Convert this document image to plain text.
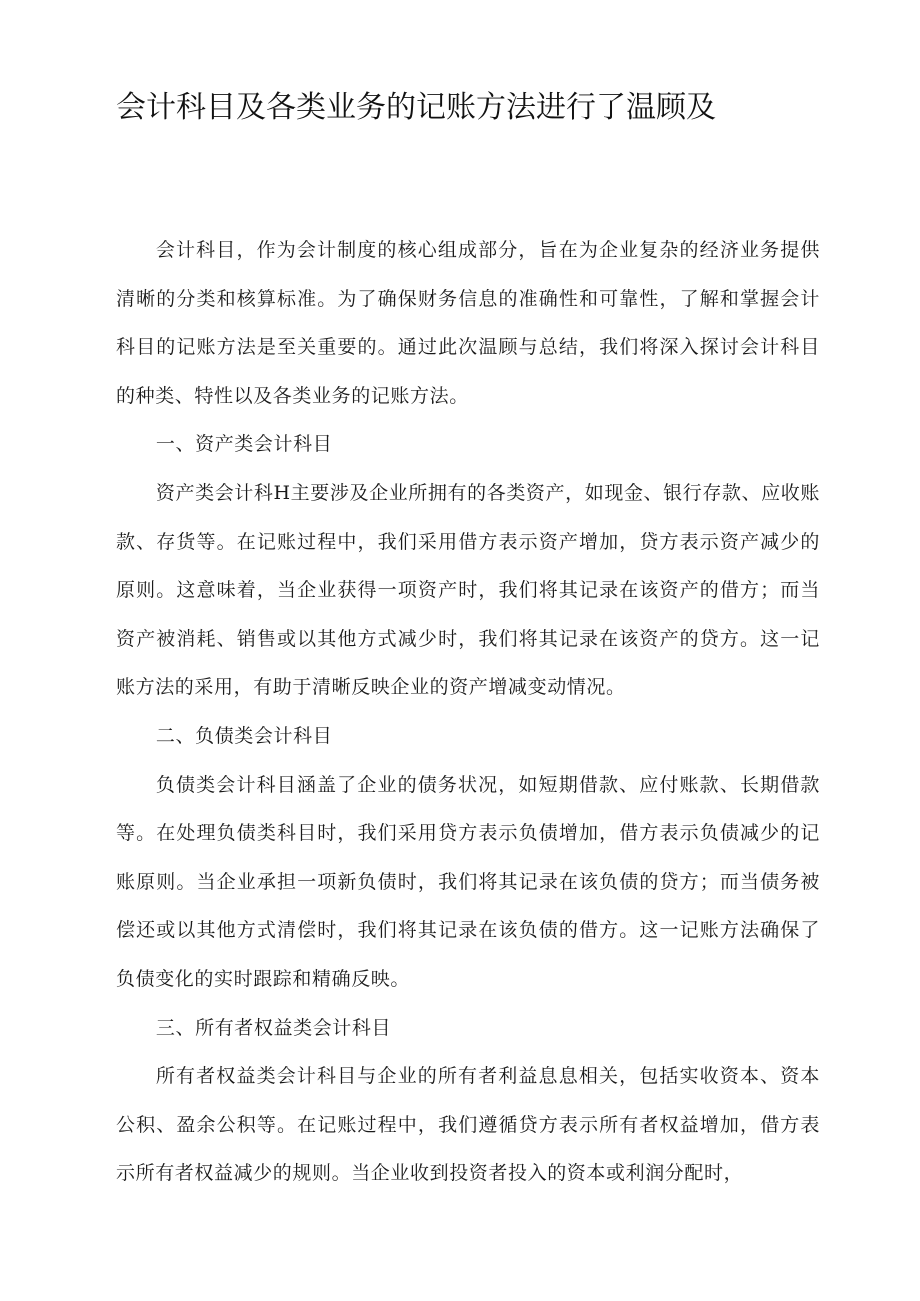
会计科目及各类业务的记账方法进行了温顾及

会计科目，作为会计制度的核心组成部分，旨在为企业复杂的经济业务提供清晰的分类和核算标准。为了确保财务信息的准确性和可靠性，了解和掌握会计科目的记账方法是至关重要的。通过此次温顾与总结，我们将深入探讨会计科目的种类、特性以及各类业务的记账方法。

一、资产类会计科目

资产类会计科H主要涉及企业所拥有的各类资产，如现金、银行存款、应收账款、存货等。在记账过程中，我们采用借方表示资产增加，贷方表示资产减少的原则。这意味着，当企业获得一项资产时，我们将其记录在该资产的借方；而当资产被消耗、销售或以其他方式减少时，我们将其记录在该资产的贷方。这一记账方法的采用，有助于清晰反映企业的资产增减变动情况。

二、负债类会计科目

负债类会计科目涵盖了企业的债务状况，如短期借款、应付账款、长期借款等。在处理负债类科目时，我们采用贷方表示负债增加，借方表示负债减少的记账原则。当企业承担一项新负债时，我们将其记录在该负债的贷方；而当债务被偿还或以其他方式清偿时，我们将其记录在该负债的借方。这一记账方法确保了负债变化的实时跟踪和精确反映。

三、所有者权益类会计科目

所有者权益类会计科目与企业的所有者利益息息相关，包括实收资本、资本公积、盈余公积等。在记账过程中，我们遵循贷方表示所有者权益增加，借方表示所有者权益减少的规则。当企业收到投资者投入的资本或利润分配时，
